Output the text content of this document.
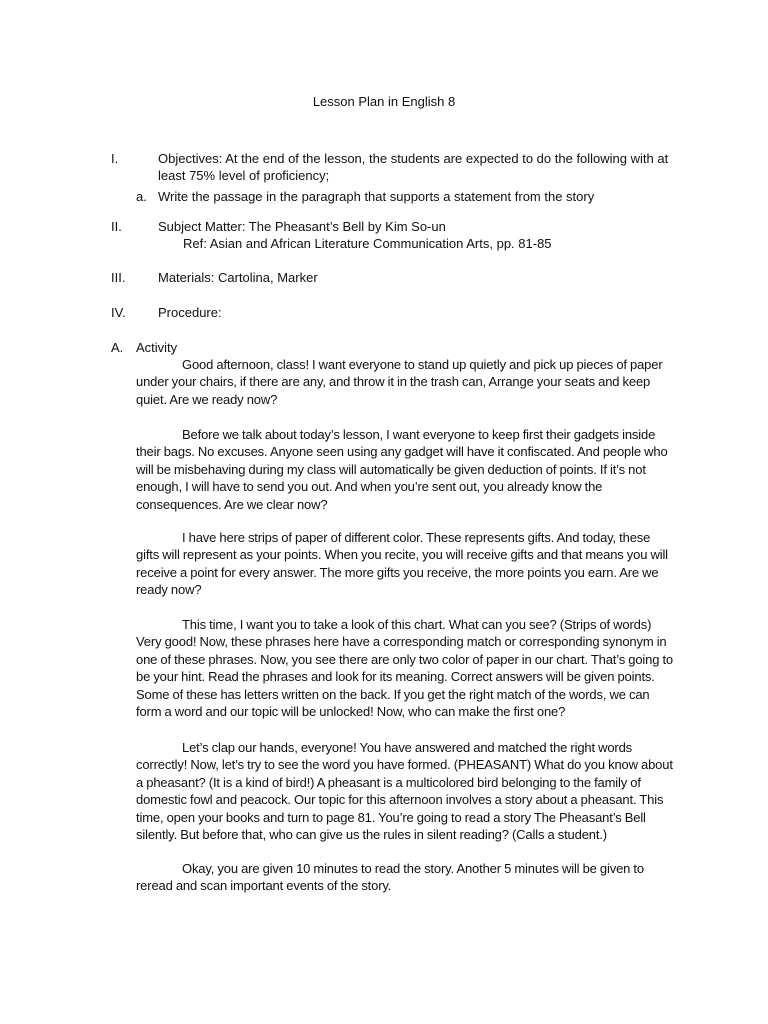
Lesson Plan in English 8
I.	Objectives: At the end of the lesson, the students are expected to do the following with at least 75% level of proficiency;
a. Write the passage in the paragraph that supports a statement from the story
II.	Subject Matter: The Pheasant’s Bell by Kim So-un
Ref: Asian and African Literature Communication Arts, pp. 81-85
III.	Materials: Cartolina, Marker
IV. Procedure:
A. Activity
Good afternoon, class! I want everyone to stand up quietly and pick up pieces of paper under your chairs, if there are any, and throw it in the trash can, Arrange your seats and keep quiet. Are we ready now?
Before we talk about today’s lesson, I want everyone to keep first their gadgets inside their bags. No excuses. Anyone seen using any gadget will have it confiscated. And people who will be misbehaving during my class will automatically be given deduction of points. If it’s not enough, I will have to send you out. And when you’re sent out, you already know the consequences. Are we clear now?
I have here strips of paper of different color. These represents gifts. And today, these gifts will represent as your points. When you recite, you will receive gifts and that means you will receive a point for every answer. The more gifts you receive, the more points you earn. Are we ready now?
This time, I want you to take a look of this chart. What can you see? (Strips of words) Very good! Now, these phrases here have a corresponding match or corresponding synonym in one of these phrases. Now, you see there are only two color of paper in our chart. That’s going to be your hint. Read the phrases and look for its meaning. Correct answers will be given points. Some of these has letters written on the back. If you get the right match of the words, we can form a word and our topic will be unlocked! Now, who can make the first one?
Let’s clap our hands, everyone! You have answered and matched the right words correctly! Now, let’s try to see the word you have formed. (PHEASANT) What do you know about a pheasant? (It is a kind of bird!) A pheasant is a multicolored bird belonging to the family of domestic fowl and peacock. Our topic for this afternoon involves a story about a pheasant. This time, open your books and turn to page 81. You’re going to read a story The Pheasant’s Bell silently. But before that, who can give us the rules in silent reading? (Calls a student.)
Okay, you are given 10 minutes to read the story. Another 5 minutes will be given to reread and scan important events of the story.
